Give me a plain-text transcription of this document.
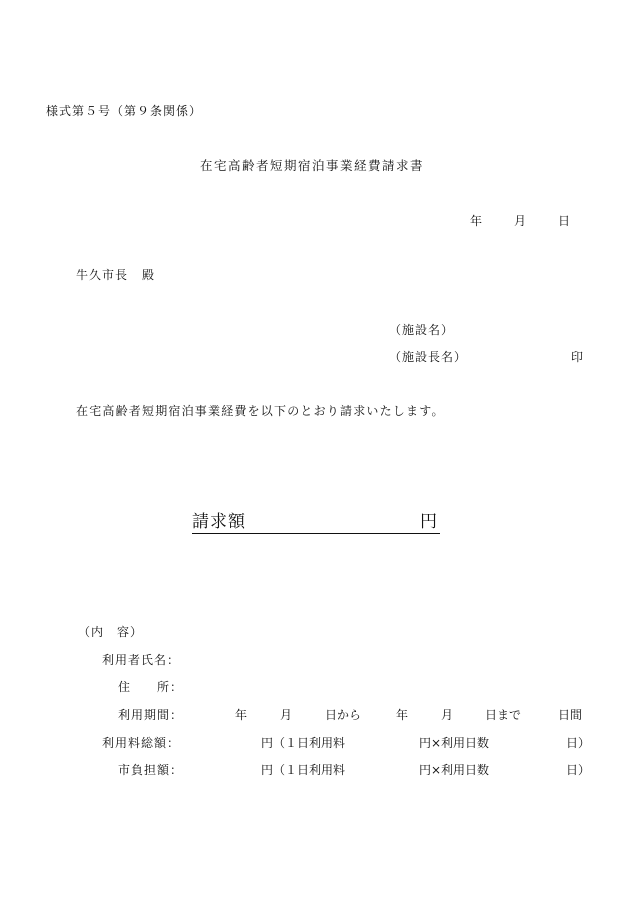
様式第５号（第９条関係）
在宅高齢者短期宿泊事業経費請求書
年	月	日
牛久市長 殿
（施設名）
（施設長名）	印
在宅高齢者短期宿泊事業経費を以下のとおり請求いたします。
請求額	円
（内　容）
利用者氏名：
住　　所：
利用期間：	年	月	日から	年	月	日まで	日間
利用料総額：	円（１日利用料	円×利用日数	日）
市負担額：	円（１日利用料	円×利用日数	日）
